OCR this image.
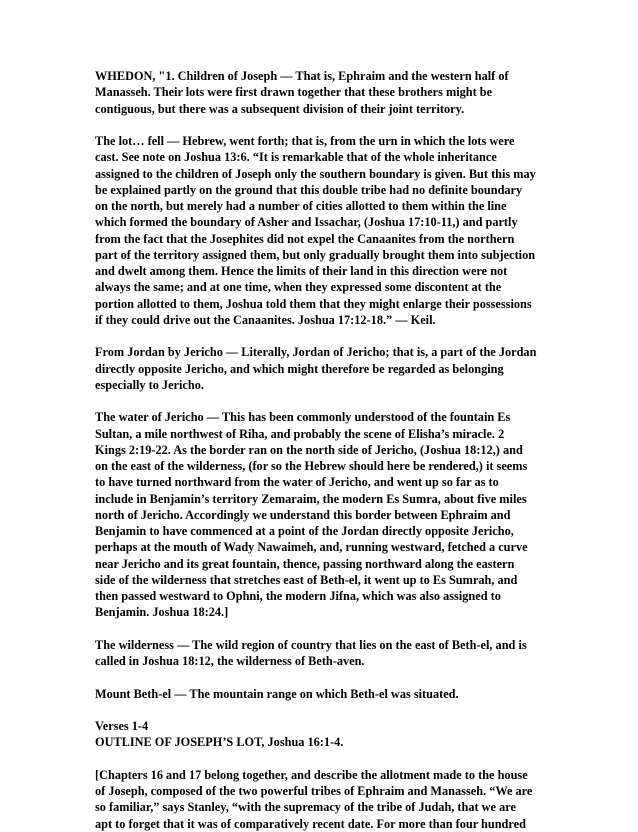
WHEDON, "1. Children of Joseph — That is, Ephraim and the western half of
Manasseh. Their lots were first drawn together that these brothers might be
contiguous, but there was a subsequent division of their joint territory.
The lot… fell — Hebrew, went forth; that is, from the urn in which the lots were
cast. See note on Joshua 13:6. “It is remarkable that of the whole inheritance
assigned to the children of Joseph only the southern boundary is given. But this may
be explained partly on the ground that this double tribe had no definite boundary
on the north, but merely had a number of cities allotted to them within the line
which formed the boundary of Asher and Issachar, (Joshua 17:10-11,) and partly
from the fact that the Josephites did not expel the Canaanites from the northern
part of the territory assigned them, but only gradually brought them into subjection
and dwelt among them. Hence the limits of their land in this direction were not
always the same; and at one time, when they expressed some discontent at the
portion allotted to them, Joshua told them that they might enlarge their possessions
if they could drive out the Canaanites. Joshua 17:12-18.” — Keil.
From Jordan by Jericho — Literally, Jordan of Jericho; that is, a part of the Jordan
directly opposite Jericho, and which might therefore be regarded as belonging
especially to Jericho.
The water of Jericho — This has been commonly understood of the fountain Es
Sultan, a mile northwest of Riha, and probably the scene of Elisha’s miracle. 2
Kings 2:19-22. As the border ran on the north side of Jericho, (Joshua 18:12,) and
on the east of the wilderness, (for so the Hebrew should here be rendered,) it seems
to have turned northward from the water of Jericho, and went up so far as to
include in Benjamin’s territory Zemaraim, the modern Es Sumra, about five miles
north of Jericho. Accordingly we understand this border between Ephraim and
Benjamin to have commenced at a point of the Jordan directly opposite Jericho,
perhaps at the mouth of Wady Nawaimeh, and, running westward, fetched a curve
near Jericho and its great fountain, thence, passing northward along the eastern
side of the wilderness that stretches east of Beth-el, it went up to Es Sumrah, and
then passed westward to Ophni, the modern Jifna, which was also assigned to
Benjamin. Joshua 18:24.]
The wilderness — The wild region of country that lies on the east of Beth-el, and is
called in Joshua 18:12, the wilderness of Beth-aven.
Mount Beth-el — The mountain range on which Beth-el was situated.
Verses 1-4
OUTLINE OF JOSEPH’S LOT, Joshua 16:1-4.
[Chapters 16 and 17 belong together, and describe the allotment made to the house
of Joseph, composed of the two powerful tribes of Ephraim and Manasseh. “We are
so familiar,” says Stanley, “with the supremacy of the tribe of Judah, that we are
apt to forget that it was of comparatively recent date. For more than four hundred
